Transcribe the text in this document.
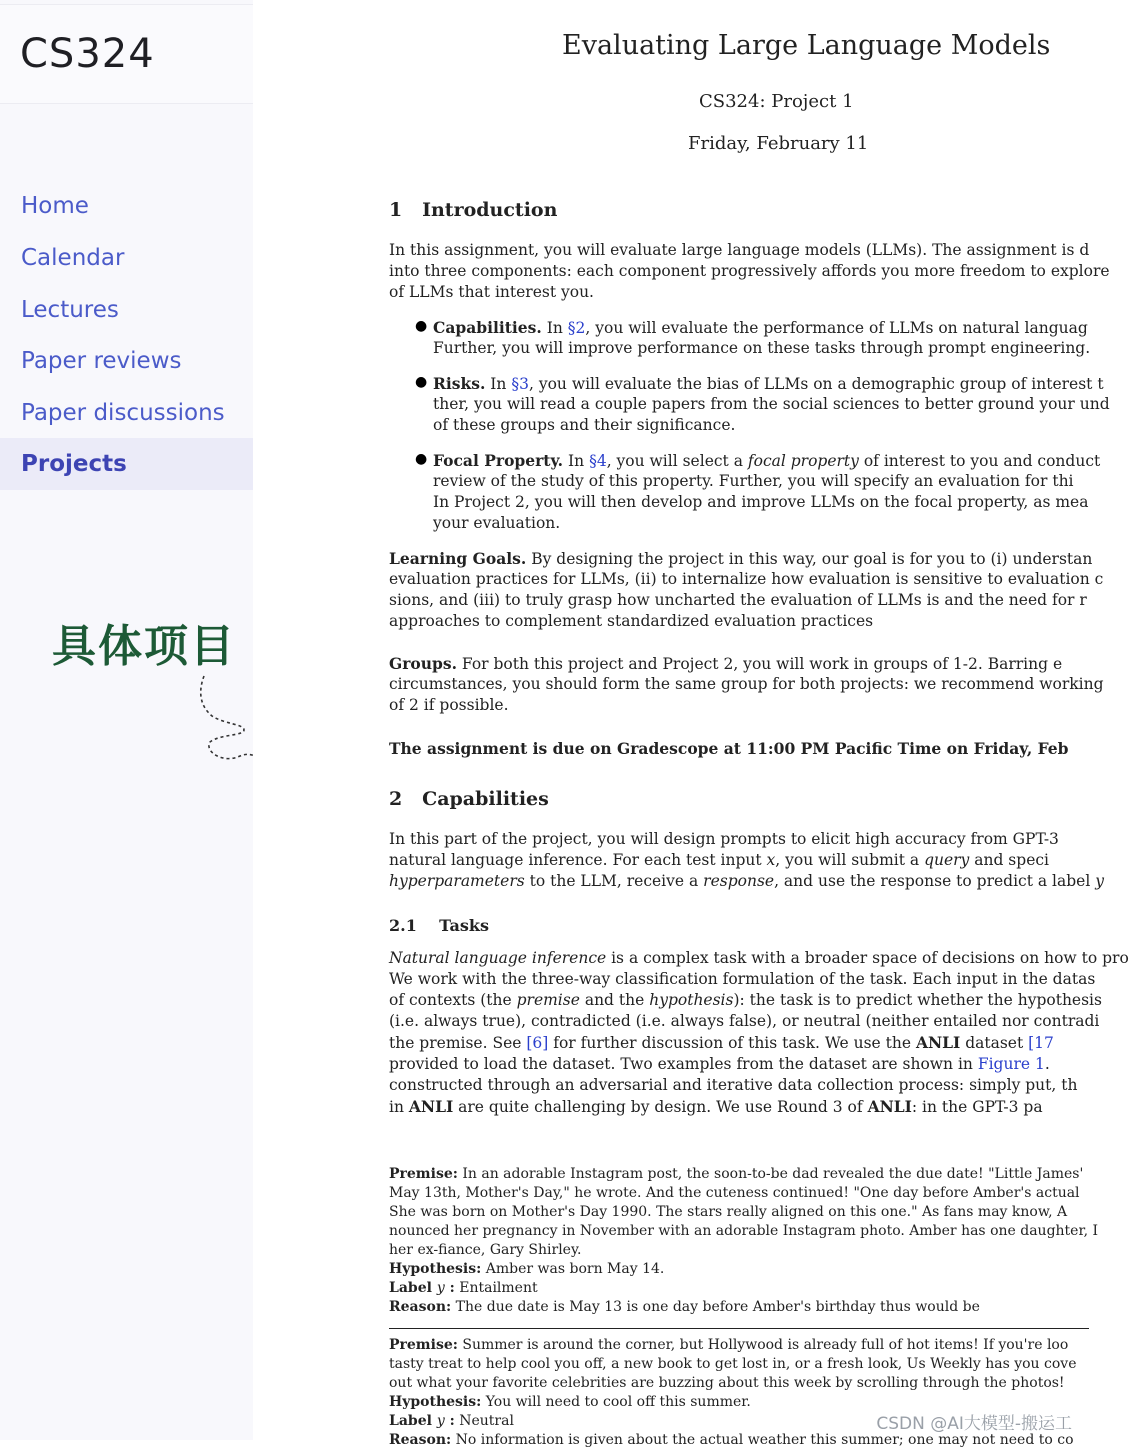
CS324
Home
Calendar
Lectures
Paper reviews
Paper discussions
Projects
具体项目
Evaluating Large Language Models
CS324: Project 1
Friday, February 11
1 Introduction
In this assignment, you will evaluate large language models (LLMs). The assignment is d
into three components: each component progressively affords you more freedom to explore
of LLMs that interest you.
● Capabilities. In §2, you will evaluate the performance of LLMs on natural languag
Further, you will improve performance on these tasks through prompt engineering.
● Risks. In §3, you will evaluate the bias of LLMs on a demographic group of interest t
ther, you will read a couple papers from the social sciences to better ground your und
of these groups and their significance.
● Focal Property. In §4, you will select a focal property of interest to you and conduct
review of the study of this property. Further, you will specify an evaluation for thi
In Project 2, you will then develop and improve LLMs on the focal property, as mea
your evaluation.
Learning Goals. By designing the project in this way, our goal is for you to (i) understan
evaluation practices for LLMs, (ii) to internalize how evaluation is sensitive to evaluation c
sions, and (iii) to truly grasp how uncharted the evaluation of LLMs is and the need for r
approaches to complement standardized evaluation practices
Groups. For both this project and Project 2, you will work in groups of 1-2. Barring e
circumstances, you should form the same group for both projects: we recommend working
of 2 if possible.
The assignment is due on Gradescope at 11:00 PM Pacific Time on Friday, Feb
2 Capabilities
In this part of the project, you will design prompts to elicit high accuracy from GPT-3
natural language inference. For each test input x, you will submit a query and speci
hyperparameters to the LLM, receive a response, and use the response to predict a label y
2.1 Tasks
Natural language inference is a complex task with a broader space of decisions on how to pro
We work with the three-way classification formulation of the task. Each input in the datas
of contexts (the premise and the hypothesis): the task is to predict whether the hypothesis
(i.e. always true), contradicted (i.e. always false), or neutral (neither entailed nor contradi
the premise. See [6] for further discussion of this task. We use the ANLI dataset [17
provided to load the dataset. Two examples from the dataset are shown in Figure 1.
constructed through an adversarial and iterative data collection process: simply put, th
in ANLI are quite challenging by design. We use Round 3 of ANLI: in the GPT-3 pa
Premise: In an adorable Instagram post, the soon-to-be dad revealed the due date! "Little James'
May 13th, Mother's Day," he wrote. And the cuteness continued! "One day before Amber's actual
She was born on Mother's Day 1990. The stars really aligned on this one." As fans may know, A
nounced her pregnancy in November with an adorable Instagram photo. Amber has one daughter, I
her ex-fiance, Gary Shirley.
Hypothesis: Amber was born May 14.
Label y : Entailment
Reason: The due date is May 13 is one day before Amber's birthday thus would be
Premise: Summer is around the corner, but Hollywood is already full of hot items! If you're loo
tasty treat to help cool you off, a new book to get lost in, or a fresh look, Us Weekly has you cove
out what your favorite celebrities are buzzing about this week by scrolling through the photos!
Hypothesis: You will need to cool off this summer.
Label y : Neutral
Reason: No information is given about the actual weather this summer; one may not need to co
CSDN @AI大模型-搬运工
